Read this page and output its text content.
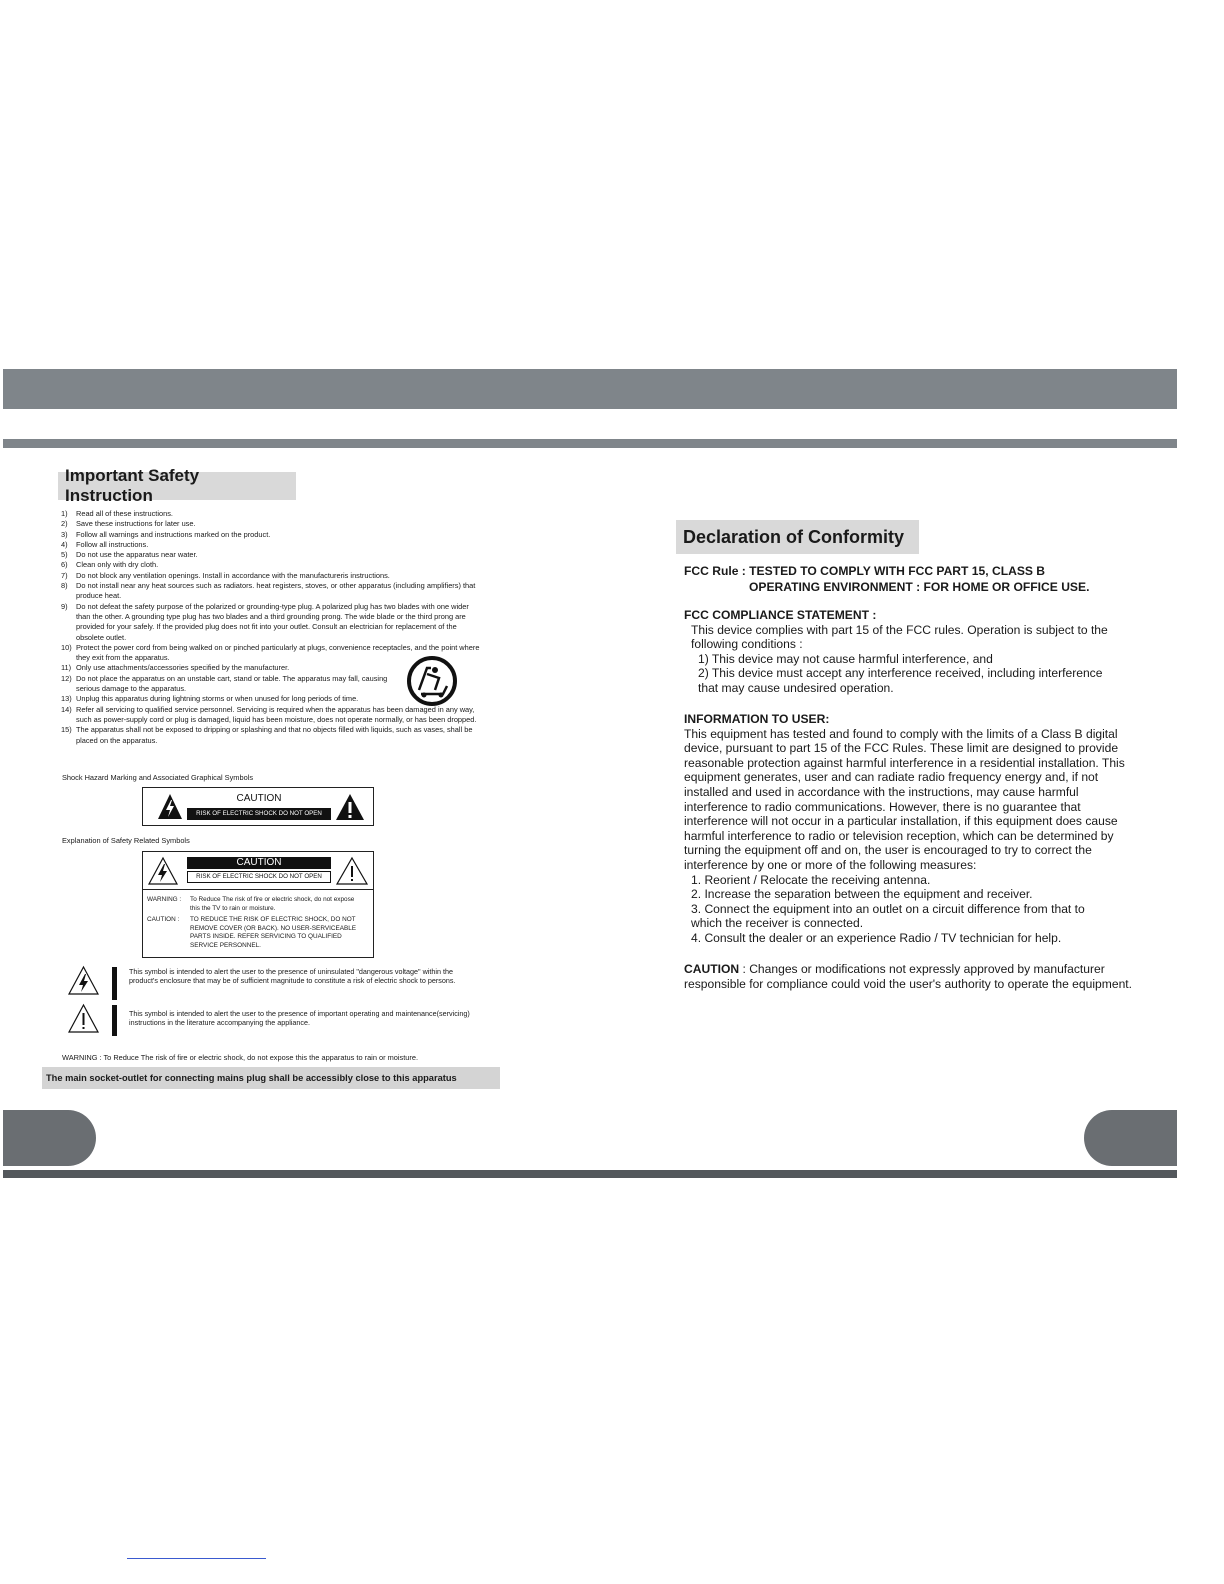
Important Safety Instruction
1)	Read all of these instructions.
2)	Save these instructions for later use.
3)	Follow all warnings and instructions marked on the product.
4)	Follow all instructions.
5)	Do not use the apparatus near water.
6)	Clean only with dry cloth.
7)	Do not block any ventilation openings. Install in accordance with the manufactureris instructions.
8)	Do not install near any heat sources such as radiators. heat registers, stoves, or other apparatus (including amplifiers) that produce heat.
9)	Do not defeat the safety purpose of the polarized or grounding-type plug. A polarized plug has two blades with one wider than the other. A grounding type plug has two blades and a third grounding prong. The wide blade or the third prong are provided for your safely. If the provided plug does not fit into your outlet. Consult an electrician for replacement of the obsolete outlet.
10) Protect the power cord from being walked on or pinched particularly at plugs, convenience receptacles, and the point where they exit from the apparatus.
11) Only use attachments/accessories specified by the manufacturer.
12) Do not place the apparatus on an unstable cart, stand or table. The apparatus may fall, causing serious damage to the apparatus.
13) Unplug this apparatus during lightning storms or when unused for long periods of time.
14) Refer all servicing to qualified service personnel. Servicing is required when the apparatus has been damaged in any way, such as power-supply cord or plug is damaged, liquid has been moisture, does not operate normally, or has been dropped.
15) The apparatus shall not be exposed to dripping or splashing and that no objects filled with liquids, such as vases, shall be placed on the apparatus.
Shock Hazard Marking and Associated Graphical Symbols
CAUTION
RISK OF ELECTRIC SHOCK DO NOT OPEN
Explanation of Safety Related Symbols
CAUTION
RISK OF ELECTRIC SHOCK DO NOT OPEN
WARNING :	To Reduce The risk of fire or electric shock, do not expose this the TV to rain or moisture.
CAUTION :	TO REDUCE THE RISK OF ELECTRIC SHOCK, DO NOT REMOVE COVER (OR BACK). NO USER-SERVICEABLE PARTS INSIDE. REFER SERVICING TO QUALIFIED SERVICE PERSONNEL.
This symbol is intended to alert the user to the presence of uninsulated "dangerous voltage" within the product's enclosure that may be of sufficient magnitude to constitute a risk of electric shock to persons.
This symbol is intended to alert the user to the presence of important operating and maintenance(servicing) instructions in the literature accompanying the appliance.
WARNING : To Reduce The risk of fire or electric shock, do not expose this the apparatus to rain or moisture.
The main socket-outlet for connecting mains plug shall be accessibly close to this apparatus
Declaration of Conformity
FCC Rule : TESTED TO COMPLY WITH FCC PART 15, CLASS B
OPERATING ENVIRONMENT : FOR HOME OR OFFICE USE.
FCC COMPLIANCE STATEMENT :
This device complies with part 15 of the FCC rules. Operation is subject to the following conditions :
1) This device may not cause harmful interference, and
2) This device must accept any interference received, including interference that may cause undesired operation.
INFORMATION TO USER:
This equipment has tested and found to comply with the limits of a Class B digital device, pursuant to part 15 of the FCC Rules. These limit are designed to provide reasonable protection against harmful interference in a residential installation. This equipment generates, user and can radiate radio frequency energy and, if not installed and used in accordance with the instructions, may cause harmful interference to radio communications. However, there is no guarantee that interference will not occur in a particular installation, if this equipment does cause harmful interference to radio or television reception, which can be determined by turning the equipment off and on, the user is encouraged to try to correct the interference by one or more of the following measures:
1. Reorient / Relocate the receiving antenna.
2. Increase the separation between the equipment and receiver.
3. Connect the equipment into an outlet on a circuit difference from that to which the receiver is connected.
4. Consult the dealer or an experience Radio / TV technician for help.
CAUTION : Changes or modifications not expressly approved by manufacturer responsible for compliance could void the user's authority to operate the equipment.
